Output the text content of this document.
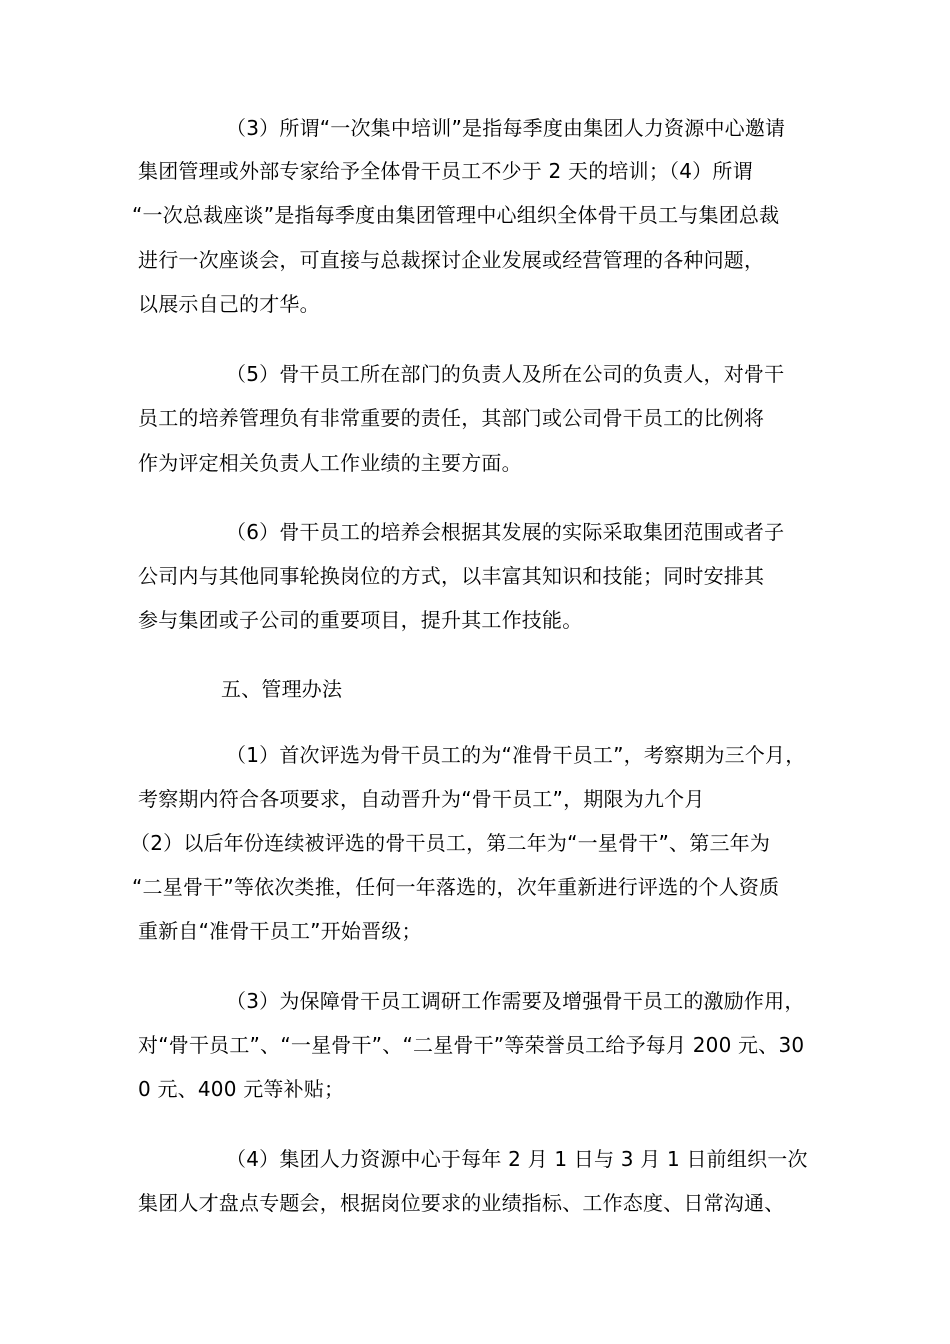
（3）所谓“一次集中培训”是指每季度由集团人力资源中心邀请
集团管理或外部专家给予全体骨干员工不少于 2 天的培训；（4）所谓
“一次总裁座谈”是指每季度由集团管理中心组织全体骨干员工与集团总裁
进行一次座谈会，可直接与总裁探讨企业发展或经营管理的各种问题，
以展示自己的才华。
（5）骨干员工所在部门的负责人及所在公司的负责人，对骨干
员工的培养管理负有非常重要的责任，其部门或公司骨干员工的比例将
作为评定相关负责人工作业绩的主要方面。
（6）骨干员工的培养会根据其发展的实际采取集团范围或者子
公司内与其他同事轮换岗位的方式，以丰富其知识和技能；同时安排其
参与集团或子公司的重要项目，提升其工作技能。
五、管理办法
（1）首次评选为骨干员工的为“准骨干员工”，考察期为三个月，
考察期内符合各项要求，自动晋升为“骨干员工”，期限为九个月
（2）以后年份连续被评选的骨干员工，第二年为“一星骨干”、第三年为
“二星骨干”等依次类推，任何一年落选的，次年重新进行评选的个人资质
重新自“准骨干员工”开始晋级；
（3）为保障骨干员工调研工作需要及增强骨干员工的激励作用，
对“骨干员工”、“一星骨干”、“二星骨干”等荣誉员工给予每月 200 元、30
0 元、400 元等补贴；
（4）集团人力资源中心于每年 2 月 1 日与 3 月 1 日前组织一次
集团人才盘点专题会，根据岗位要求的业绩指标、工作态度、日常沟通、
